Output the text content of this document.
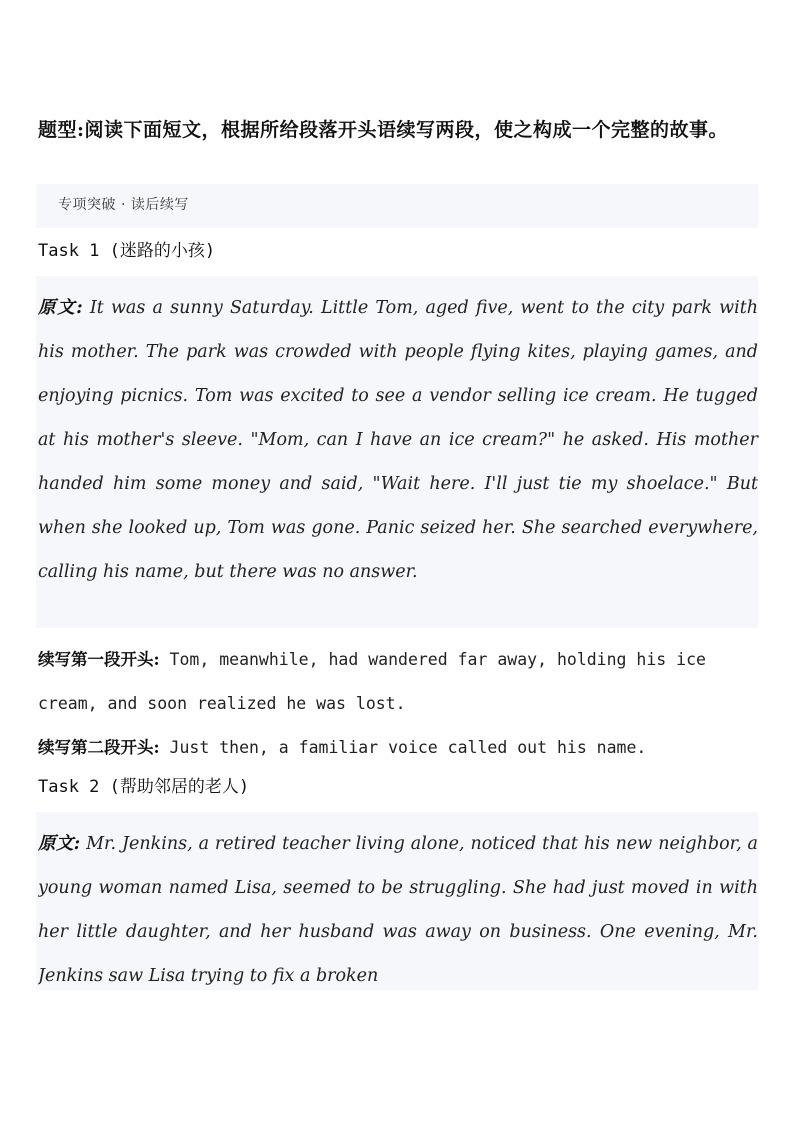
题型:阅读下面短文，根据所给段落开头语续写两段，使之构成一个完整的故事。
专项突破 · 读后续写
Task 1 (迷路的小孩)
原文: It was a sunny Saturday. Little Tom, aged five, went to the city park with his mother. The park was crowded with people flying kites, playing games, and enjoying picnics. Tom was excited to see a vendor selling ice cream. He tugged at his mother's sleeve. "Mom, can I have an ice cream?" he asked. His mother handed him some money and said, "Wait here. I'll just tie my shoelace." But when she looked up, Tom was gone. Panic seized her. She searched everywhere, calling his name, but there was no answer.
续写第一段开头: Tom, meanwhile, had wandered far away, holding his ice cream, and soon realized he was lost.
续写第二段开头: Just then, a familiar voice called out his name.
Task 2 (帮助邻居的老人)
原文: Mr. Jenkins, a retired teacher living alone, noticed that his new neighbor, a young woman named Lisa, seemed to be struggling. She had just moved in with her little daughter, and her husband was away on business. One evening, Mr. Jenkins saw Lisa trying to fix a broken
